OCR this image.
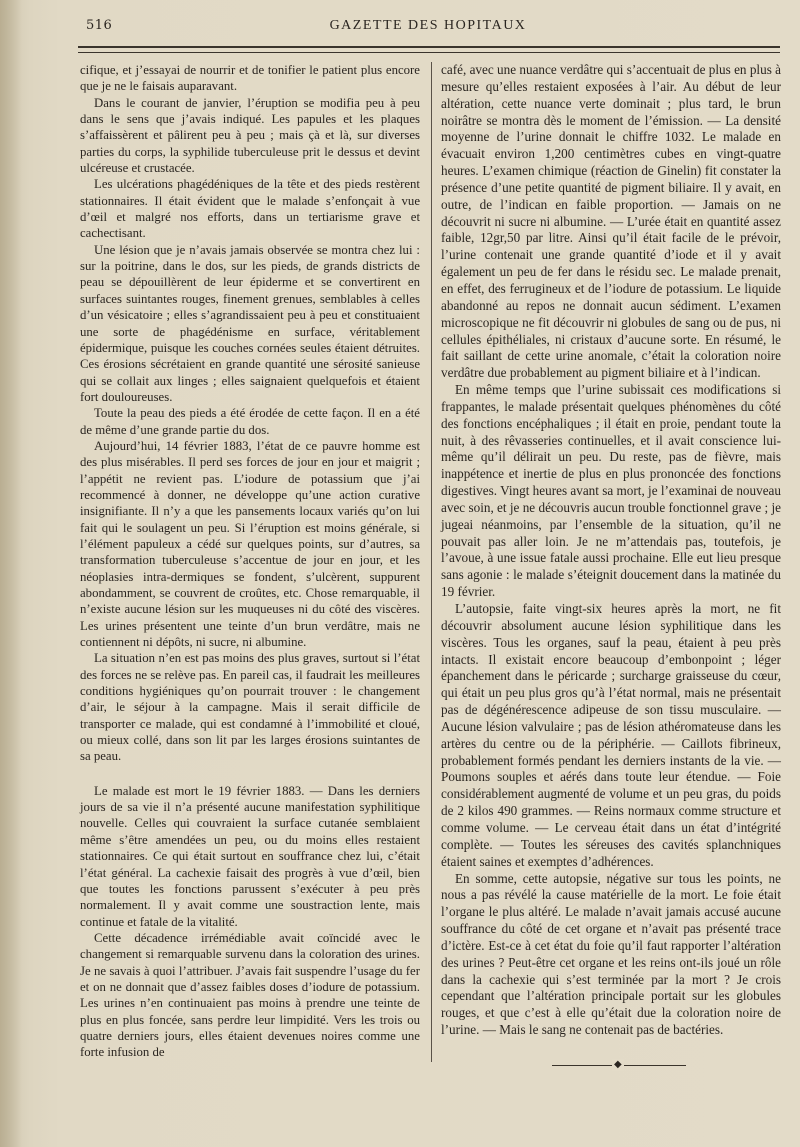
516	GAZETTE DES HOPITAUX

cifique, et j’essayai de nourrir et de tonifier le patient plus encore que je ne le faisais auparavant.

Dans le courant de janvier, l’éruption se modifia peu à peu dans le sens que j’avais indiqué. Les papules et les plaques s’affaissèrent et pâlirent peu à peu ; mais çà et là, sur diverses parties du corps, la syphilide tuberculeuse prit le dessus et devint ulcéreuse et crustacée.

Les ulcérations phagédéniques de la tête et des pieds restèrent stationnaires. Il était évident que le malade s’enfonçait à vue d’œil et malgré nos efforts, dans un tertiarisme grave et cachectisant.

Une lésion que je n’avais jamais observée se montra chez lui : sur la poitrine, dans le dos, sur les pieds, de grands districts de peau se dépouillèrent de leur épiderme et se convertirent en surfaces suintantes rouges, finement grenues, semblables à celles d’un vésicatoire ; elles s’agrandissaient peu à peu et constituaient une sorte de phagédénisme en surface, véritablement épidermique, puisque les couches cornées seules étaient détruites. Ces érosions sécrétaient en grande quantité une sérosité sanieuse qui se collait aux linges ; elles saignaient quelquefois et étaient fort douloureuses.

Toute la peau des pieds a été érodée de cette façon. Il en a été de même d’une grande partie du dos.

Aujourd’hui, 14 février 1883, l’état de ce pauvre homme est des plus misérables. Il perd ses forces de jour en jour et maigrit ; l’appétit ne revient pas. L’iodure de potassium que j’ai recommencé à donner, ne développe qu’une action curative insignifiante. Il n’y a que les pansements locaux variés qu’on lui fait qui le soulagent un peu. Si l’éruption est moins générale, si l’élément papuleux a cédé sur quelques points, sur d’autres, sa transformation tuberculeuse s’accentue de jour en jour, et les néoplasies intra-dermiques se fondent, s’ulcèrent, suppurent abondamment, se couvrent de croûtes, etc. Chose remarquable, il n’existe aucune lésion sur les muqueuses ni du côté des viscères. Les urines présentent une teinte d’un brun verdâtre, mais ne contiennent ni dépôts, ni sucre, ni albumine.

La situation n’en est pas moins des plus graves, surtout si l’état des forces ne se relève pas. En pareil cas, il faudrait les meilleures conditions hygiéniques qu’on pourrait trouver : le changement d’air, le séjour à la campagne. Mais il serait difficile de transporter ce malade, qui est condamné à l’immobilité et cloué, ou mieux collé, dans son lit par les larges érosions suintantes de sa peau.

Le malade est mort le 19 février 1883. — Dans les derniers jours de sa vie il n’a présenté aucune manifestation syphilitique nouvelle. Celles qui couvraient la surface cutanée semblaient même s’être amendées un peu, ou du moins elles restaient stationnaires. Ce qui était surtout en souffrance chez lui, c’était l’état général. La cachexie faisait des progrès à vue d’œil, bien que toutes les fonctions parussent s’exécuter à peu près normalement. Il y avait comme une soustraction lente, mais continue et fatale de la vitalité.

Cette décadence irrémédiable avait coïncidé avec le changement si remarquable survenu dans la coloration des urines. Je ne savais à quoi l’attribuer. J’avais fait suspendre l’usage du fer et on ne donnait que d’assez faibles doses d’iodure de potassium. Les urines n’en continuaient pas moins à prendre une teinte de plus en plus foncée, sans perdre leur limpidité. Vers les trois ou quatre derniers jours, elles étaient devenues noires comme une forte infusion de

café, avec une nuance verdâtre qui s’accentuait de plus en plus à mesure qu’elles restaient exposées à l’air. Au début de leur altération, cette nuance verte dominait ; plus tard, le brun noirâtre se montra dès le moment de l’émission. — La densité moyenne de l’urine donnait le chiffre 1032. Le malade en évacuait environ 1,200 centimètres cubes en vingt-quatre heures. L’examen chimique (réaction de Ginelin) fit constater la présence d’une petite quantité de pigment biliaire. Il y avait, en outre, de l’indican en faible proportion. — Jamais on ne découvrit ni sucre ni albumine. — L’urée était en quantité assez faible, 12gr,50 par litre. Ainsi qu’il était facile de le prévoir, l’urine contenait une grande quantité d’iode et il y avait également un peu de fer dans le résidu sec. Le malade prenait, en effet, des ferrugineux et de l’iodure de potassium. Le liquide abandonné au repos ne donnait aucun sédiment. L’examen microscopique ne fit découvrir ni globules de sang ou de pus, ni cellules épithéliales, ni cristaux d’aucune sorte. En résumé, le fait saillant de cette urine anomale, c’était la coloration noire verdâtre due probablement au pigment biliaire et à l’indican.

En même temps que l’urine subissait ces modifications si frappantes, le malade présentait quelques phénomènes du côté des fonctions encéphaliques ; il était en proie, pendant toute la nuit, à des rêvasseries continuelles, et il avait conscience lui-même qu’il délirait un peu. Du reste, pas de fièvre, mais inappétence et inertie de plus en plus prononcée des fonctions digestives. Vingt heures avant sa mort, je l’examinai de nouveau avec soin, et je ne découvris aucun trouble fonctionnel grave ; je jugeai néanmoins, par l’ensemble de la situation, qu’il ne pouvait pas aller loin. Je ne m’attendais pas, toutefois, je l’avoue, à une issue fatale aussi prochaine. Elle eut lieu presque sans agonie : le malade s’éteignit doucement dans la matinée du 19 février.

L’autopsie, faite vingt-six heures après la mort, ne fit découvrir absolument aucune lésion syphilitique dans les viscères. Tous les organes, sauf la peau, étaient à peu près intacts. Il existait encore beaucoup d’embonpoint ; léger épanchement dans le péricarde ; surcharge graisseuse du cœur, qui était un peu plus gros qu’à l’état normal, mais ne présentait pas de dégénérescence adipeuse de son tissu musculaire. — Aucune lésion valvulaire ; pas de lésion athéromateuse dans les artères du centre ou de la périphérie. — Caillots fibrineux, probablement formés pendant les derniers instants de la vie. — Poumons souples et aérés dans toute leur étendue. — Foie considérablement augmenté de volume et un peu gras, du poids de 2 kilos 490 grammes. — Reins normaux comme structure et comme volume. — Le cerveau était dans un état d’intégrité complète. — Toutes les séreuses des cavités splanchniques étaient saines et exemptes d’adhérences.

En somme, cette autopsie, négative sur tous les points, ne nous a pas révélé la cause matérielle de la mort. Le foie était l’organe le plus altéré. Le malade n’avait jamais accusé aucune souffrance du côté de cet organe et n’avait pas présenté trace d’ictère. Est-ce à cet état du foie qu’il faut rapporter l’altération des urines ? Peut-être cet organe et les reins ont-ils joué un rôle dans la cachexie qui s’est terminée par la mort ? Je crois cependant que l’altération principale portait sur les globules rouges, et que c’est à elle qu’était due la coloration noire de l’urine. — Mais le sang ne contenait pas de bactéries.

◆
